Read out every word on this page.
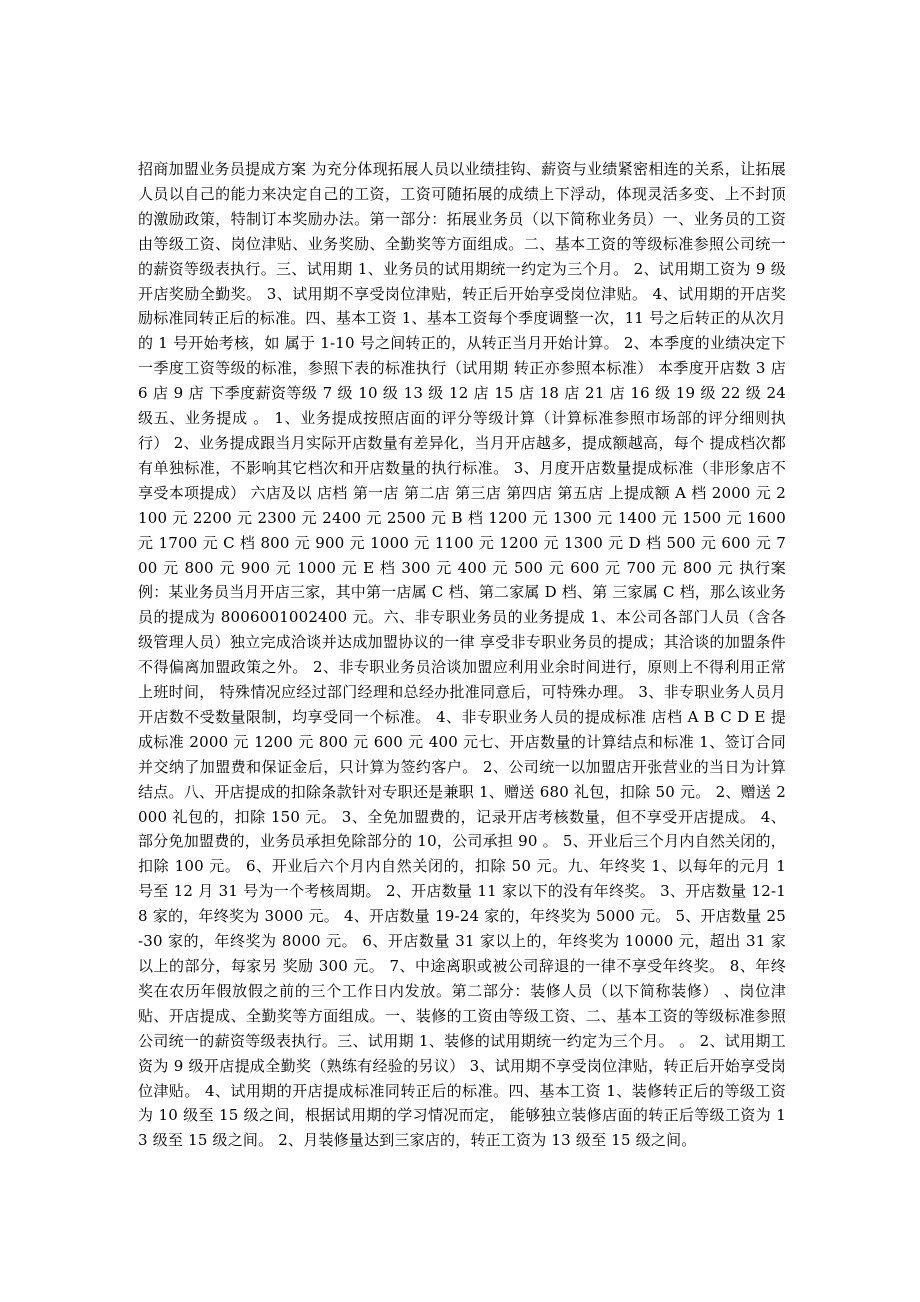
招商加盟业务员提成方案 为充分体现拓展人员以业绩挂钩、薪资与业绩紧密相连的关系，让拓展人员以自己的能力来决定自己的工资，工资可随拓展的成绩上下浮动，体现灵活多变、上不封顶的激励政策，特制订本奖励办法。第一部分：拓展业务员（以下简称业务员）一、业务员的工资由等级工资、岗位津贴、业务奖励、全勤奖等方面组成。二、基本工资的等级标准参照公司统一的薪资等级表执行。三、试用期 1、业务员的试用期统一约定为三个月。 2、试用期工资为 9 级开店奖励全勤奖。 3、试用期不享受岗位津贴，转正后开始享受岗位津贴。 4、试用期的开店奖励标准同转正后的标准。四、基本工资 1、基本工资每个季度调整一次，11 号之后转正的从次月的 1 号开始考核，如 属于 1-10 号之间转正的，从转正当月开始计算。 2、本季度的业绩决定下一季度工资等级的标准，参照下表的标准执行（试用期 转正亦参照本标准） 本季度开店数 3 店 6 店 9 店 下季度薪资等级 7 级 10 级 13 级 12 店 15 店 18 店 21 店 16 级 19 级 22 级 24 级五、业务提成 。 1、业务提成按照店面的评分等级计算（计算标准参照市场部的评分细则执行） 2、业务提成跟当月实际开店数量有差异化，当月开店越多，提成额越高，每个 提成档次都有单独标准，不影响其它档次和开店数量的执行标准。 3、月度开店数量提成标准（非形象店不享受本项提成） 六店及以 店档 第一店 第二店 第三店 第四店 第五店 上提成额 A 档 2000 元 2100 元 2200 元 2300 元 2400 元 2500 元 B 档 1200 元 1300 元 1400 元 1500 元 1600 元 1700 元 C 档 800 元 900 元 1000 元 1100 元 1200 元 1300 元 D 档 500 元 600 元 700 元 800 元 900 元 1000 元 E 档 300 元 400 元 500 元 600 元 700 元 800 元 执行案例：某业务员当月开店三家，其中第一店属 C 档、第二家属 D 档、第 三家属 C 档，那么该业务员的提成为 8006001002400 元。六、非专职业务员的业务提成 1、本公司各部门人员（含各级管理人员）独立完成洽谈并达成加盟协议的一律 享受非专职业务员的提成；其洽谈的加盟条件不得偏离加盟政策之外。 2、非专职业务员洽谈加盟应利用业余时间进行，原则上不得利用正常上班时间， 特殊情况应经过部门经理和总经办批准同意后，可特殊办理。 3、非专职业务人员月开店数不受数量限制，均享受同一个标准。 4、非专职业务人员的提成标准 店档 A B C D E 提成标准 2000 元 1200 元 800 元 600 元 400 元七、开店数量的计算结点和标准 1、签订合同并交纳了加盟费和保证金后，只计算为签约客户。 2、公司统一以加盟店开张营业的当日为计算结点。八、开店提成的扣除条款针对专职还是兼职 1、赠送 680 礼包，扣除 50 元。 2、赠送 2000 礼包的，扣除 150 元。 3、全免加盟费的，记录开店考核数量，但不享受开店提成。 4、部分免加盟费的，业务员承担免除部分的 10，公司承担 90 。 5、开业后三个月内自然关闭的，扣除 100 元。 6、开业后六个月内自然关闭的，扣除 50 元。九、年终奖 1、以每年的元月 1 号至 12 月 31 号为一个考核周期。 2、开店数量 11 家以下的没有年终奖。 3、开店数量 12-18 家的，年终奖为 3000 元。 4、开店数量 19-24 家的，年终奖为 5000 元。 5、开店数量 25-30 家的，年终奖为 8000 元。 6、开店数量 31 家以上的，年终奖为 10000 元，超出 31 家以上的部分，每家另 奖励 300 元。 7、中途离职或被公司辞退的一律不享受年终奖。 8、年终奖在农历年假放假之前的三个工作日内发放。第二部分：装修人员（以下简称装修） 、岗位津贴、开店提成、全勤奖等方面组成。一、装修的工资由等级工资、二、基本工资的等级标准参照公司统一的薪资等级表执行。三、试用期 1、装修的试用期统一约定为三个月。 。 2、试用期工资为 9 级开店提成全勤奖（熟练有经验的另议） 3、试用期不享受岗位津贴，转正后开始享受岗位津贴。 4、试用期的开店提成标准同转正后的标准。四、基本工资 1、装修转正后的等级工资为 10 级至 15 级之间，根据试用期的学习情况而定， 能够独立装修店面的转正后等级工资为 13 级至 15 级之间。 2、月装修量达到三家店的，转正工资为 13 级至 15 级之间。
